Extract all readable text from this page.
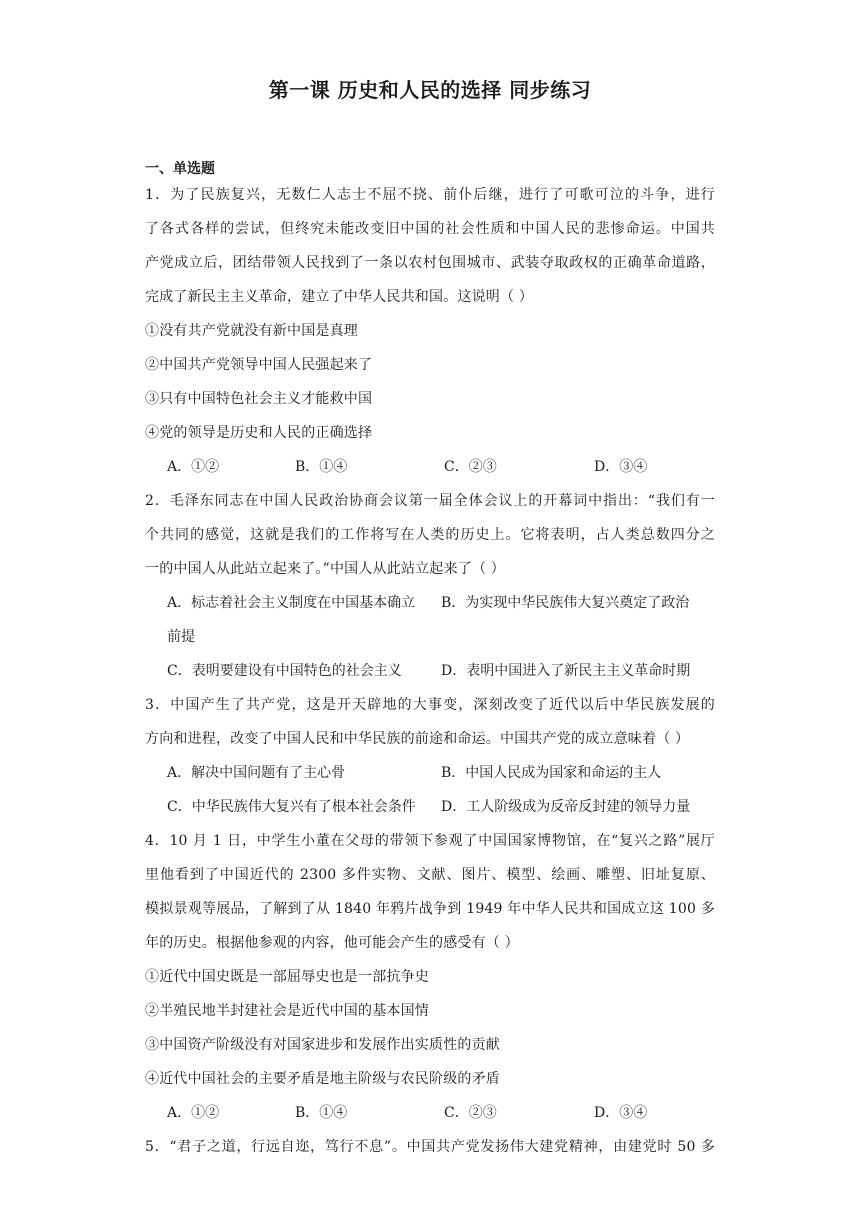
第一课 历史和人民的选择 同步练习
一、单选题
1．为了民族复兴，无数仁人志士不屈不挠、前仆后继，进行了可歌可泣的斗争，进行
了各式各样的尝试，但终究未能改变旧中国的社会性质和中国人民的悲惨命运。中国共
产党成立后，团结带领人民找到了一条以农村包围城市、武装夺取政权的正确革命道路，
完成了新民主主义革命，建立了中华人民共和国。这说明（ ）
①没有共产党就没有新中国是真理
②中国共产党领导中国人民强起来了
③只有中国特色社会主义才能救中国
④党的领导是历史和人民的正确选择
A．①②	B．①④	C．②③	D．③④
2．毛泽东同志在中国人民政治协商会议第一届全体会议上的开幕词中指出：“我们有一
个共同的感觉，这就是我们的工作将写在人类的历史上。它将表明，占人类总数四分之
一的中国人从此站立起来了。”中国人从此站立起来了（ ）
A．标志着社会主义制度在中国基本确立 B．为实现中华民族伟大复兴奠定了政治
前提
C．表明要建设有中国特色的社会主义	D．表明中国进入了新民主主义革命时期
3．中国产生了共产党，这是开天辟地的大事变，深刻改变了近代以后中华民族发展的
方向和进程，改变了中国人民和中华民族的前途和命运。中国共产党的成立意味着（ ）
A．解决中国问题有了主心骨	B．中国人民成为国家和命运的主人
C．中华民族伟大复兴有了根本社会条件 D．工人阶级成为反帝反封建的领导力量
4．10 月 1 日，中学生小董在父母的带领下参观了中国国家博物馆，在“复兴之路”展厅
里他看到了中国近代的 2300 多件实物、文献、图片、模型、绘画、雕塑、旧址复原、
模拟景观等展品，了解到了从 1840 年鸦片战争到 1949 年中华人民共和国成立这 100 多
年的历史。根据他参观的内容，他可能会产生的感受有（ ）
①近代中国史既是一部屈辱史也是一部抗争史
②半殖民地半封建社会是近代中国的基本国情
③中国资产阶级没有对国家进步和发展作出实质性的贡献
④近代中国社会的主要矛盾是地主阶级与农民阶级的矛盾
A．①②	B．①④	C．②③	D．③④
5．“君子之道，行远自迩，笃行不息”。中国共产党发扬伟大建党精神，由建党时 50 多
